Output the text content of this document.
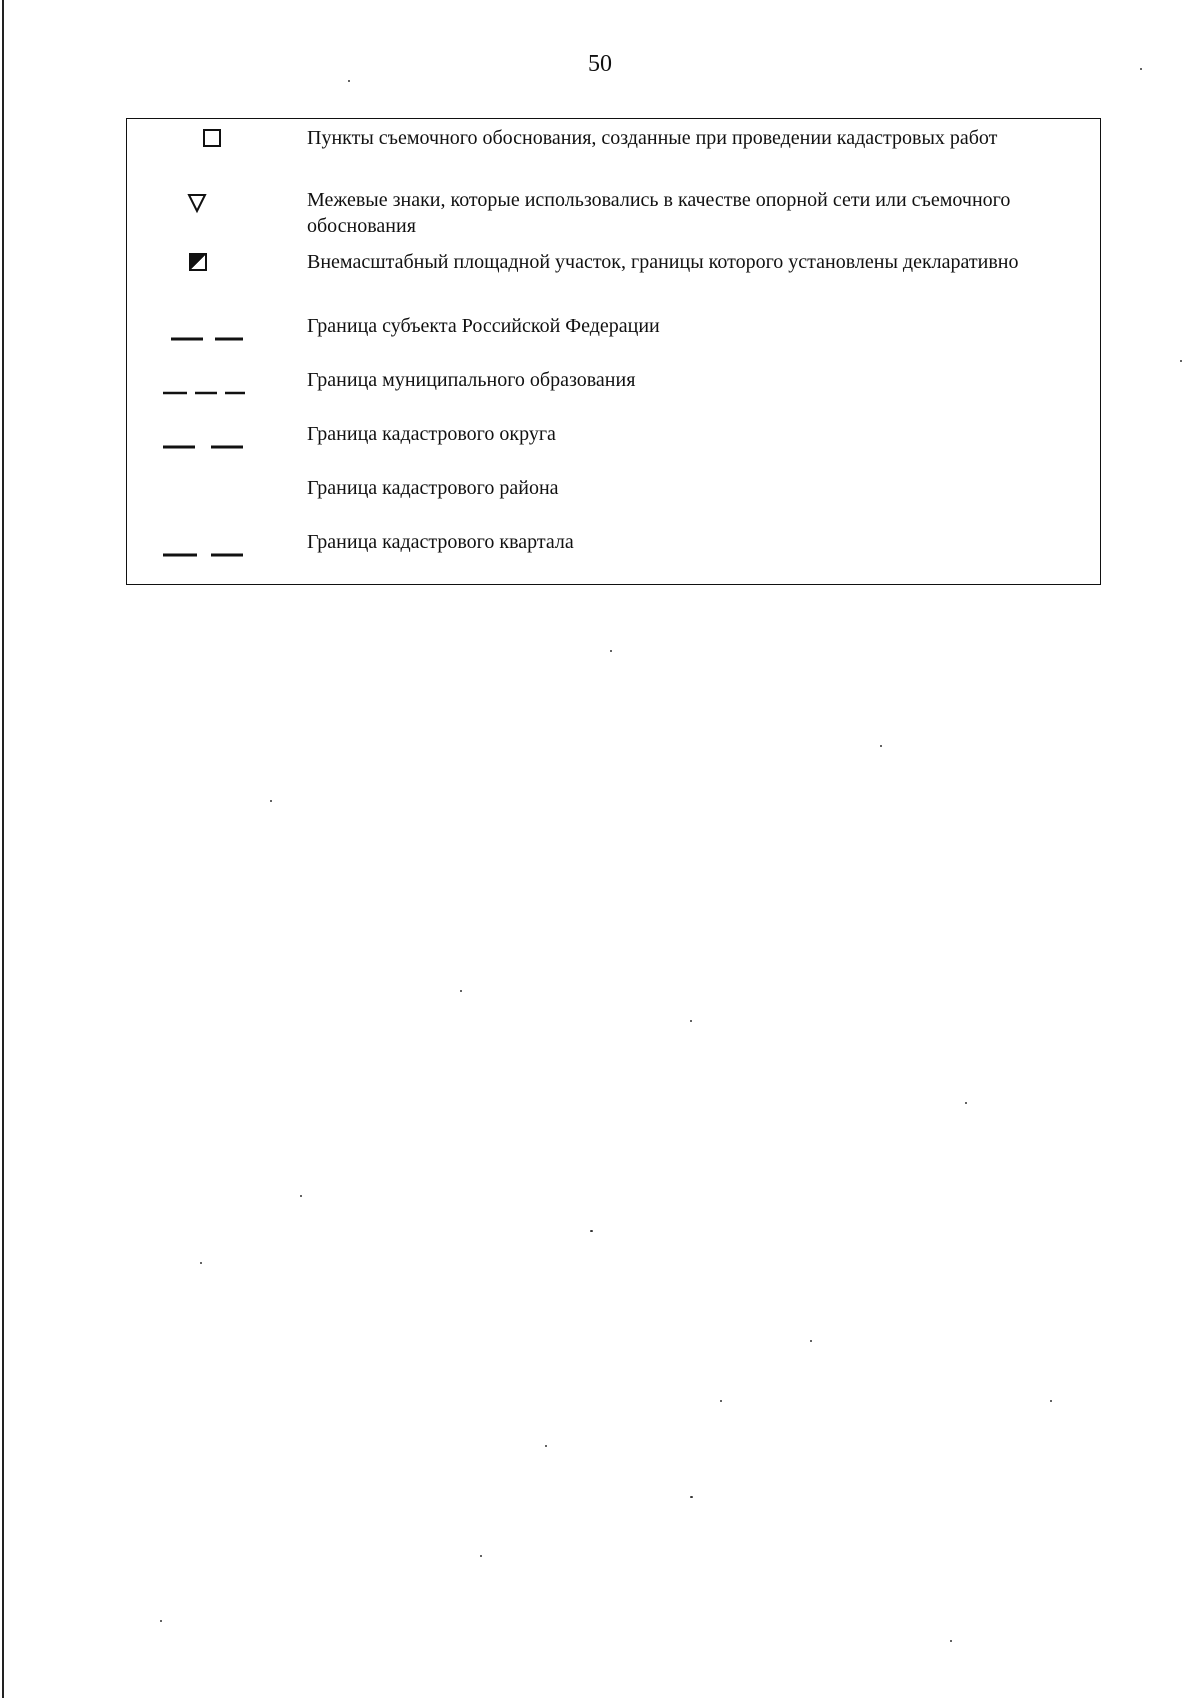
50
Пункты съемочного обоснования, созданные при проведении кадастровых работ
Межевые знаки, которые использовались в качестве опорной сети или съемочного обоснования
Внемасштабный площадной участок, границы которого установлены декларативно
Граница субъекта Российской Федерации
Граница муниципального образования
Граница кадастрового округа
Граница кадастрового района
Граница кадастрового квартала
